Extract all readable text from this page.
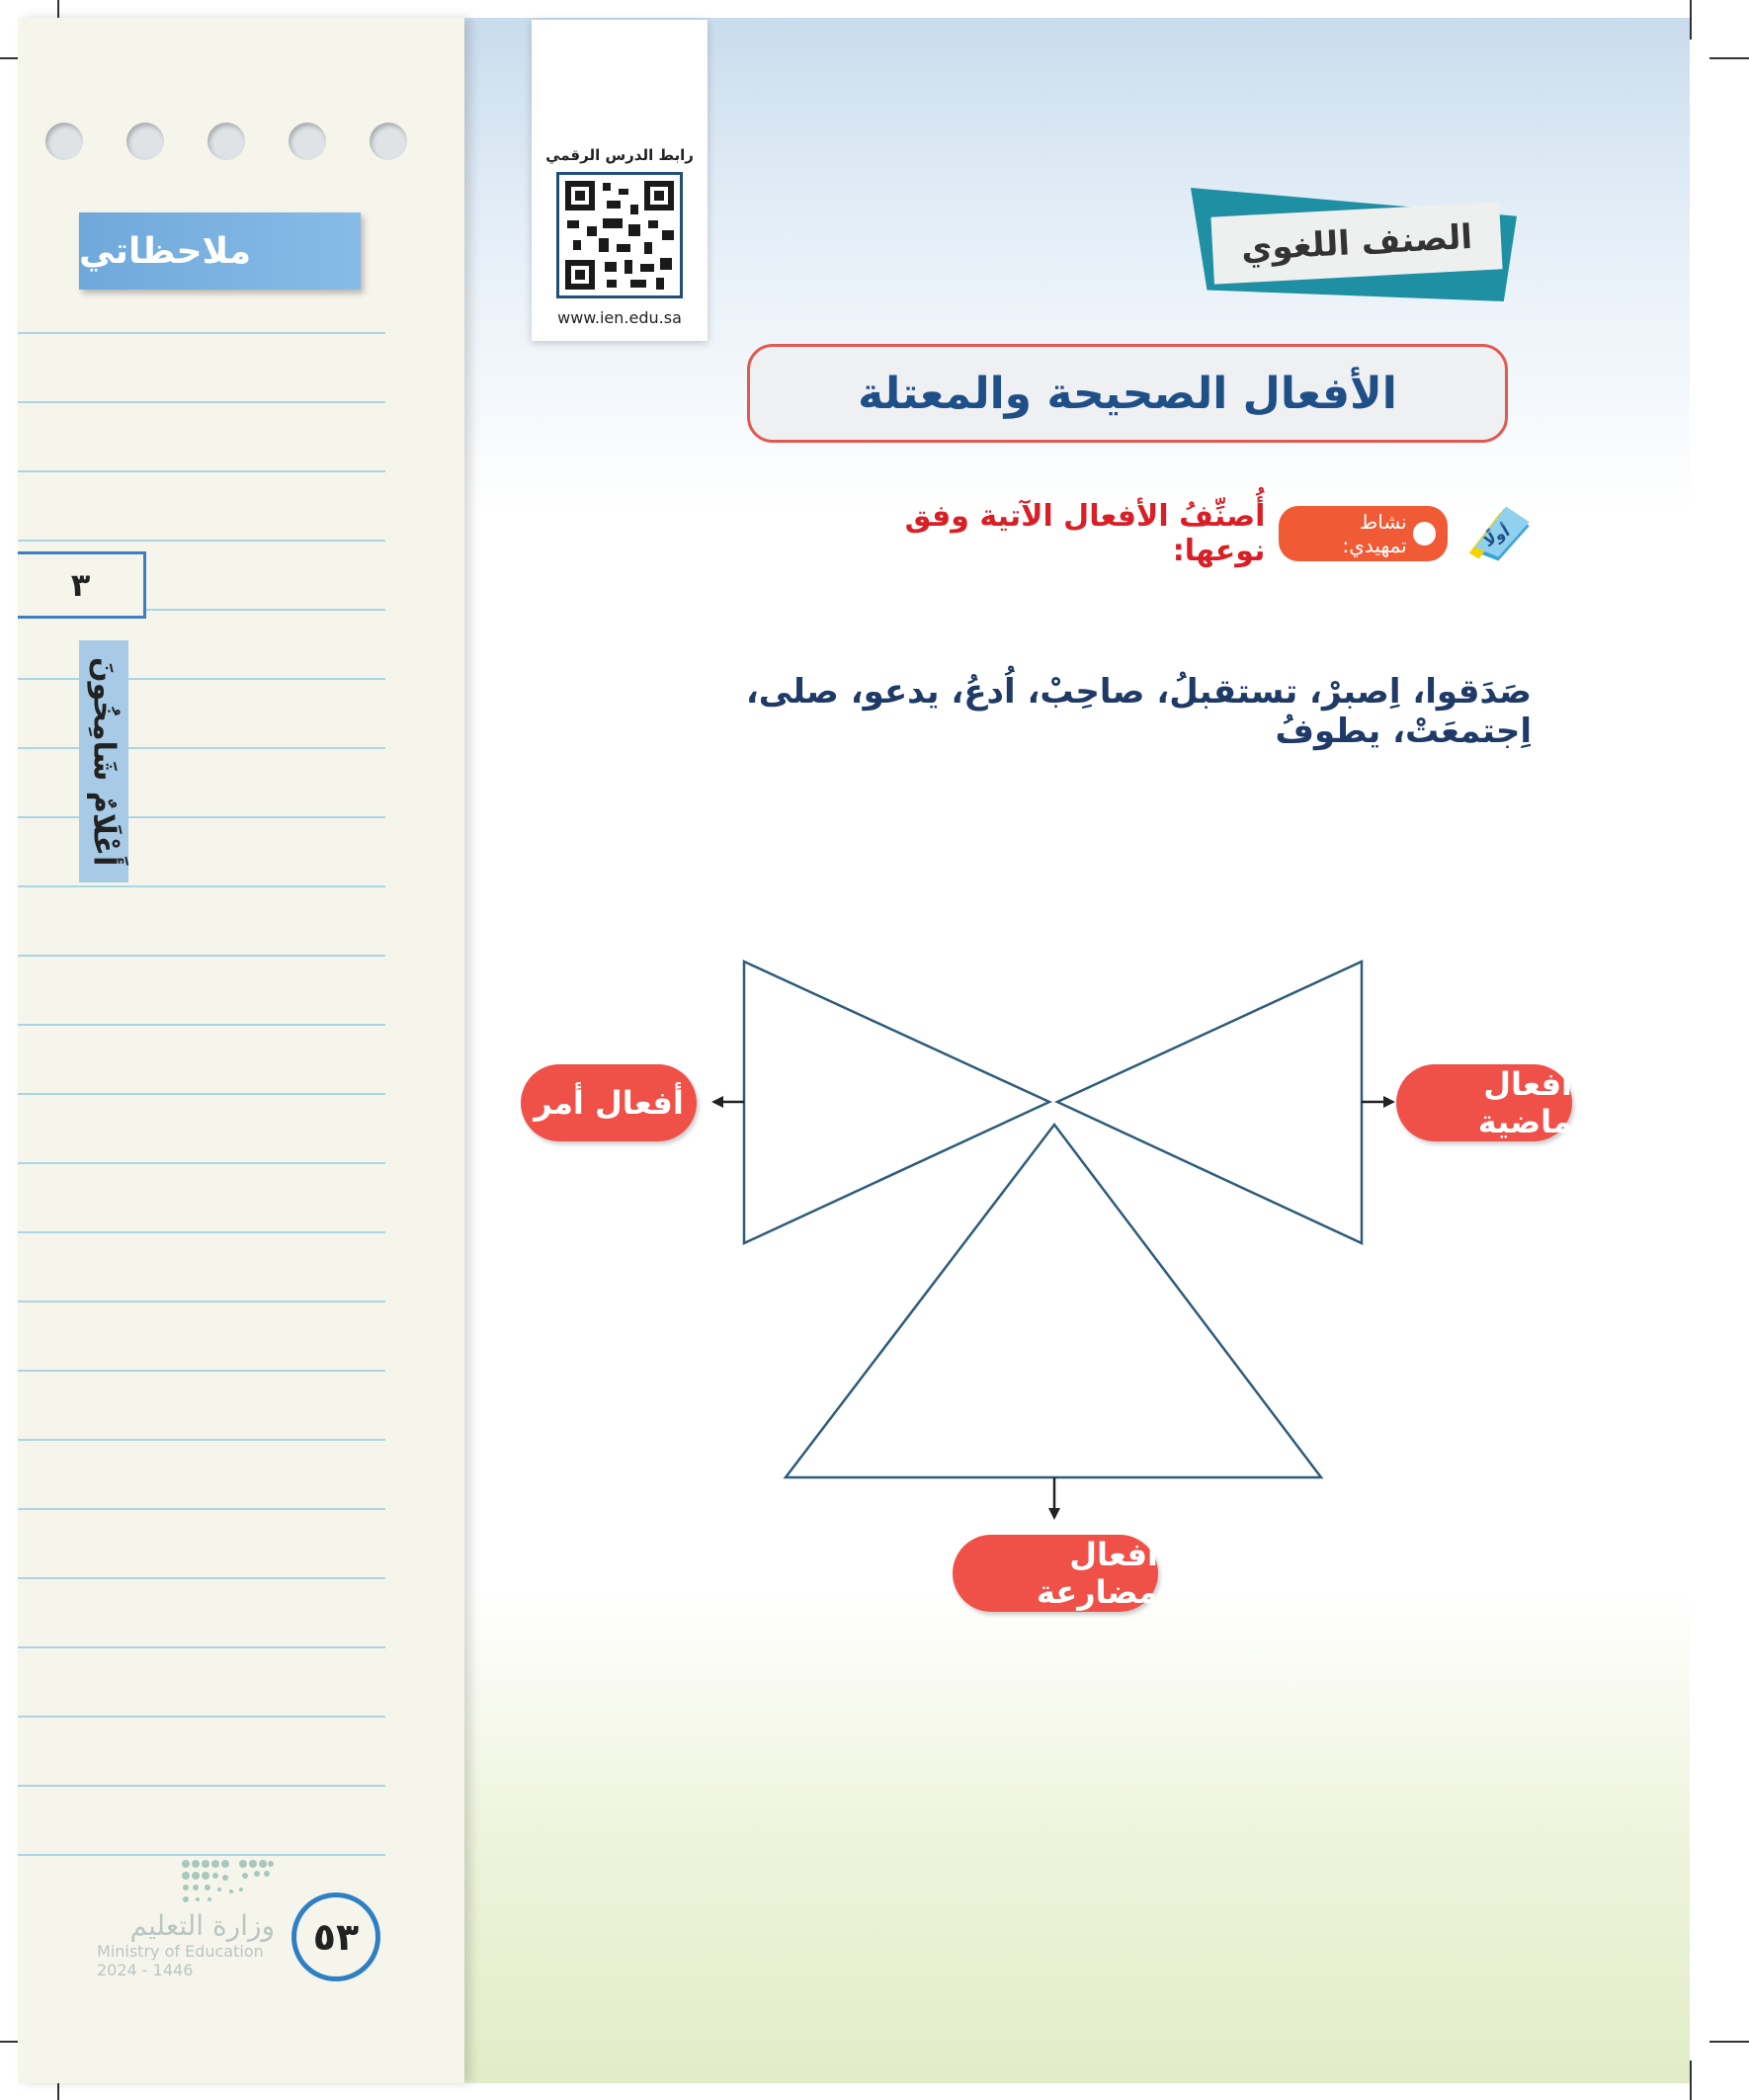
ملاحظاتي
٣
أَعْلَامٌ شَامِخُونَ
رابط الدرس الرقمي
www.ien.edu.sa
الصنف اللغوي
الأفعال الصحيحة والمعتلة
أولًا
نشاط تمهيدي:
أُصنِّفُ الأفعال الآتية وفق نوعها:
صَدَقوا، اِصبرْ، تستقبلُ، صاحِبْ، اُدعُ، يدعو، صلى، اِجتمعَتْ، يطوفُ
أفعال أمر	أفعال ماضية
أفعال مضارعة
وزارة التعليم
Ministry of Education
2024 - 1446
٥٣
